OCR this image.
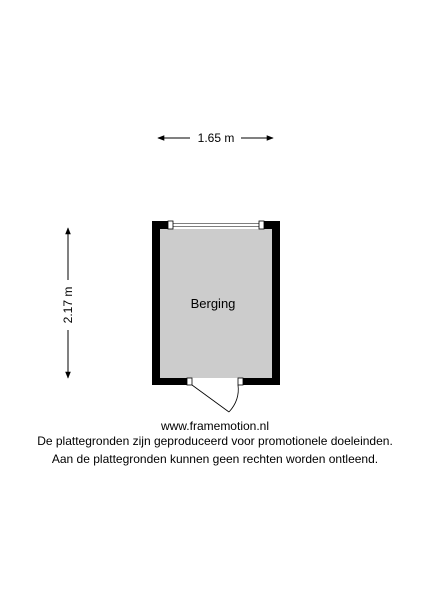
1.65 m
2.17 m	Berging
www.framemotion.nl
De plattegronden zijn geproduceerd voor promotionele doeleinden.
Aan de plattegronden kunnen geen rechten worden ontleend.
